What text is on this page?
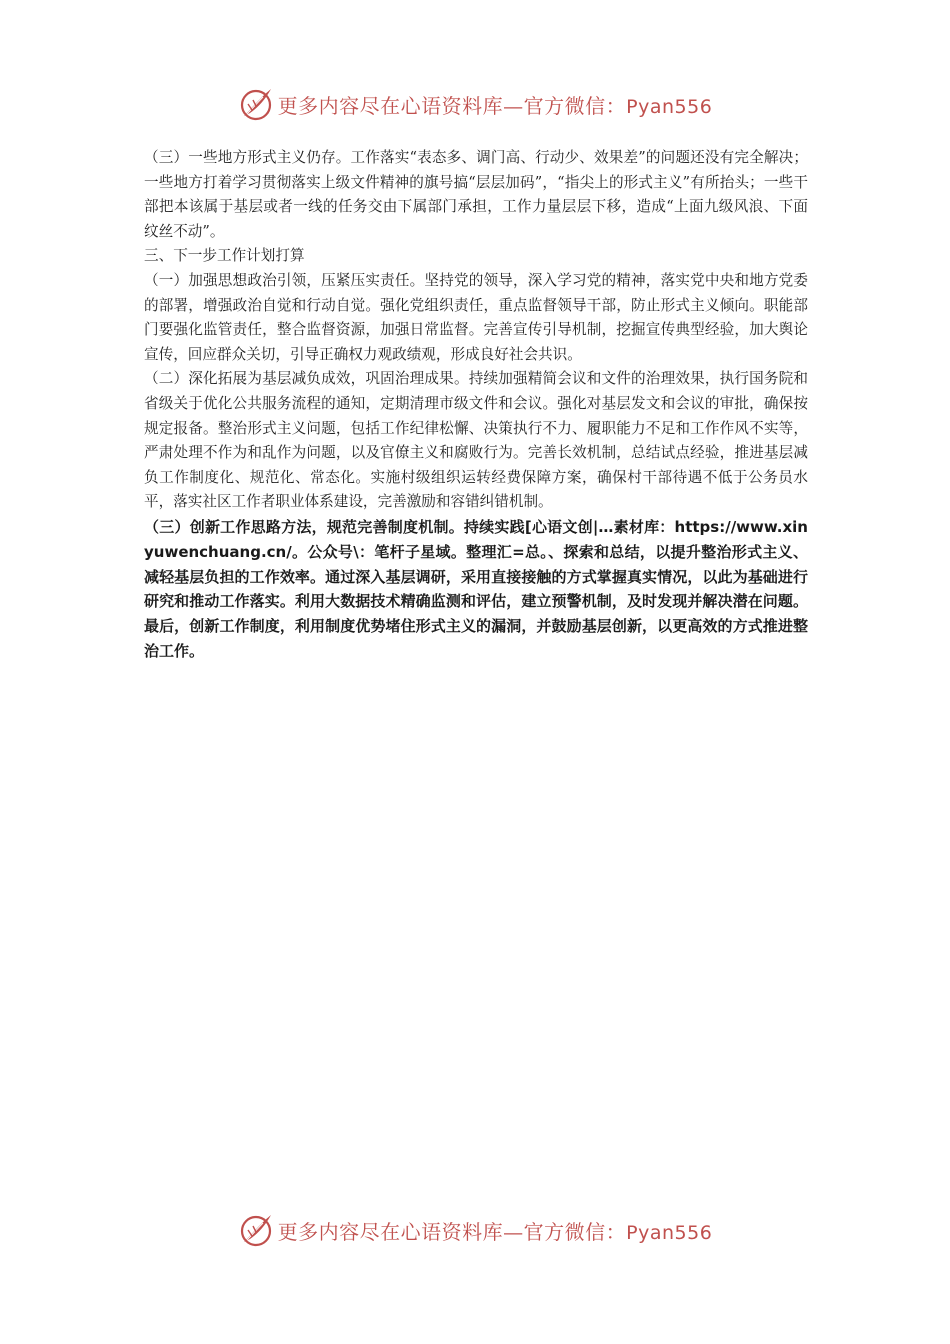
更多内容尽在心语资料库—官方微信：Pyan556

（三）一些地方形式主义仍存。工作落实“表态多、调门高、行动少、效果差”的问题还没有完全解决；一些地方打着学习贯彻落实上级文件精神的旗号搞“层层加码”，“指尖上的形式主义”有所抬头；一些干部把本该属于基层或者一线的任务交由下属部门承担，工作力量层层下移，造成“上面九级风浪、下面纹丝不动”。

三、下一步工作计划打算

（一）加强思想政治引领，压紧压实责任。坚持党的领导，深入学习党的精神，落实党中央和地方党委的部署，增强政治自觉和行动自觉。强化党组织责任，重点监督领导干部，防止形式主义倾向。职能部门要强化监管责任，整合监督资源，加强日常监督。完善宣传引导机制，挖掘宣传典型经验，加大舆论宣传，回应群众关切，引导正确权力观政绩观，形成良好社会共识。

（二）深化拓展为基层减负成效，巩固治理成果。持续加强精简会议和文件的治理效果，执行国务院和省级关于优化公共服务流程的通知，定期清理市级文件和会议。强化对基层发文和会议的审批，确保按规定报备。整治形式主义问题，包括工作纪律松懈、决策执行不力、履职能力不足和工作作风不实等，严肃处理不作为和乱作为问题，以及官僚主义和腐败行为。完善长效机制，总结试点经验，推进基层减负工作制度化、规范化、常态化。实施村级组织运转经费保障方案，确保村干部待遇不低于公务员水平，落实社区工作者职业体系建设，完善激励和容错纠错机制。

（三）创新工作思路方法，规范完善制度机制。持续实践[心语文创|…素材库：https://www.xinyuwenchuang.cn/。公众号\：笔杆子星域。整理汇=总。、探索和总结，以提升整治形式主义、减轻基层负担的工作效率。通过深入基层调研，采用直接接触的方式掌握真实情况，以此为基础进行研究和推动工作落实。利用大数据技术精确监测和评估，建立预警机制，及时发现并解决潜在问题。最后，创新工作制度，利用制度优势堵住形式主义的漏洞，并鼓励基层创新，以更高效的方式推进整治工作。

更多内容尽在心语资料库—官方微信：Pyan556
